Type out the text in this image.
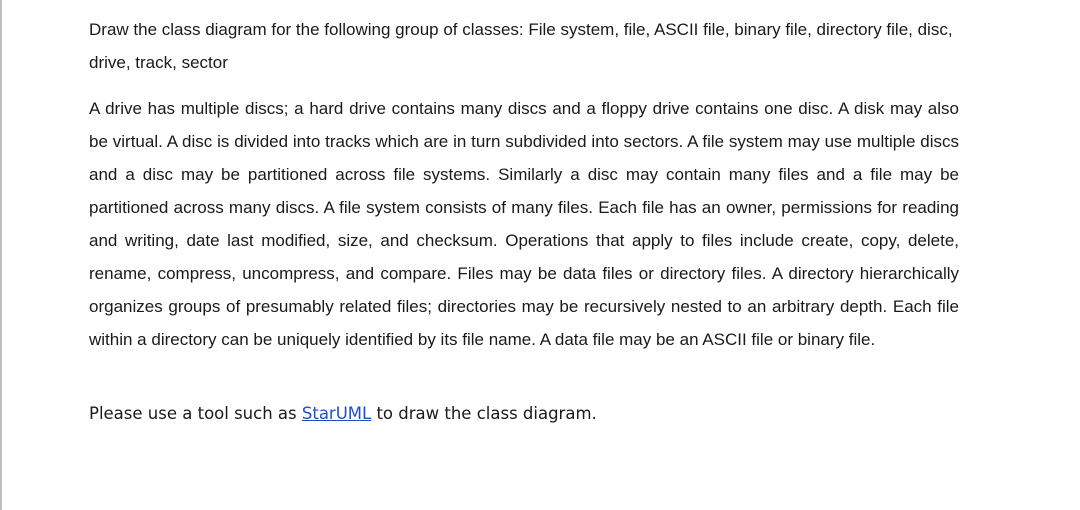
Draw the class diagram for the following group of classes: File system, file, ASCII file, binary file, directory file, disc, drive, track, sector

A drive has multiple discs; a hard drive contains many discs and a floppy drive contains one disc. A disk may also be virtual. A disc is divided into tracks which are in turn subdivided into sectors. A file system may use multiple discs and a disc may be partitioned across file systems. Similarly a disc may contain many files and a file may be partitioned across many discs. A file system consists of many files. Each file has an owner, permissions for reading and writing, date last modified, size, and checksum. Operations that apply to files include create, copy, delete, rename, compress, uncompress, and compare. Files may be data files or directory files. A directory hierarchically organizes groups of presumably related files; directories may be recursively nested to an arbitrary depth. Each file within a directory can be uniquely identified by its file name. A data file may be an ASCII file or binary file.

Please use a tool such as StarUML to draw the class diagram.
